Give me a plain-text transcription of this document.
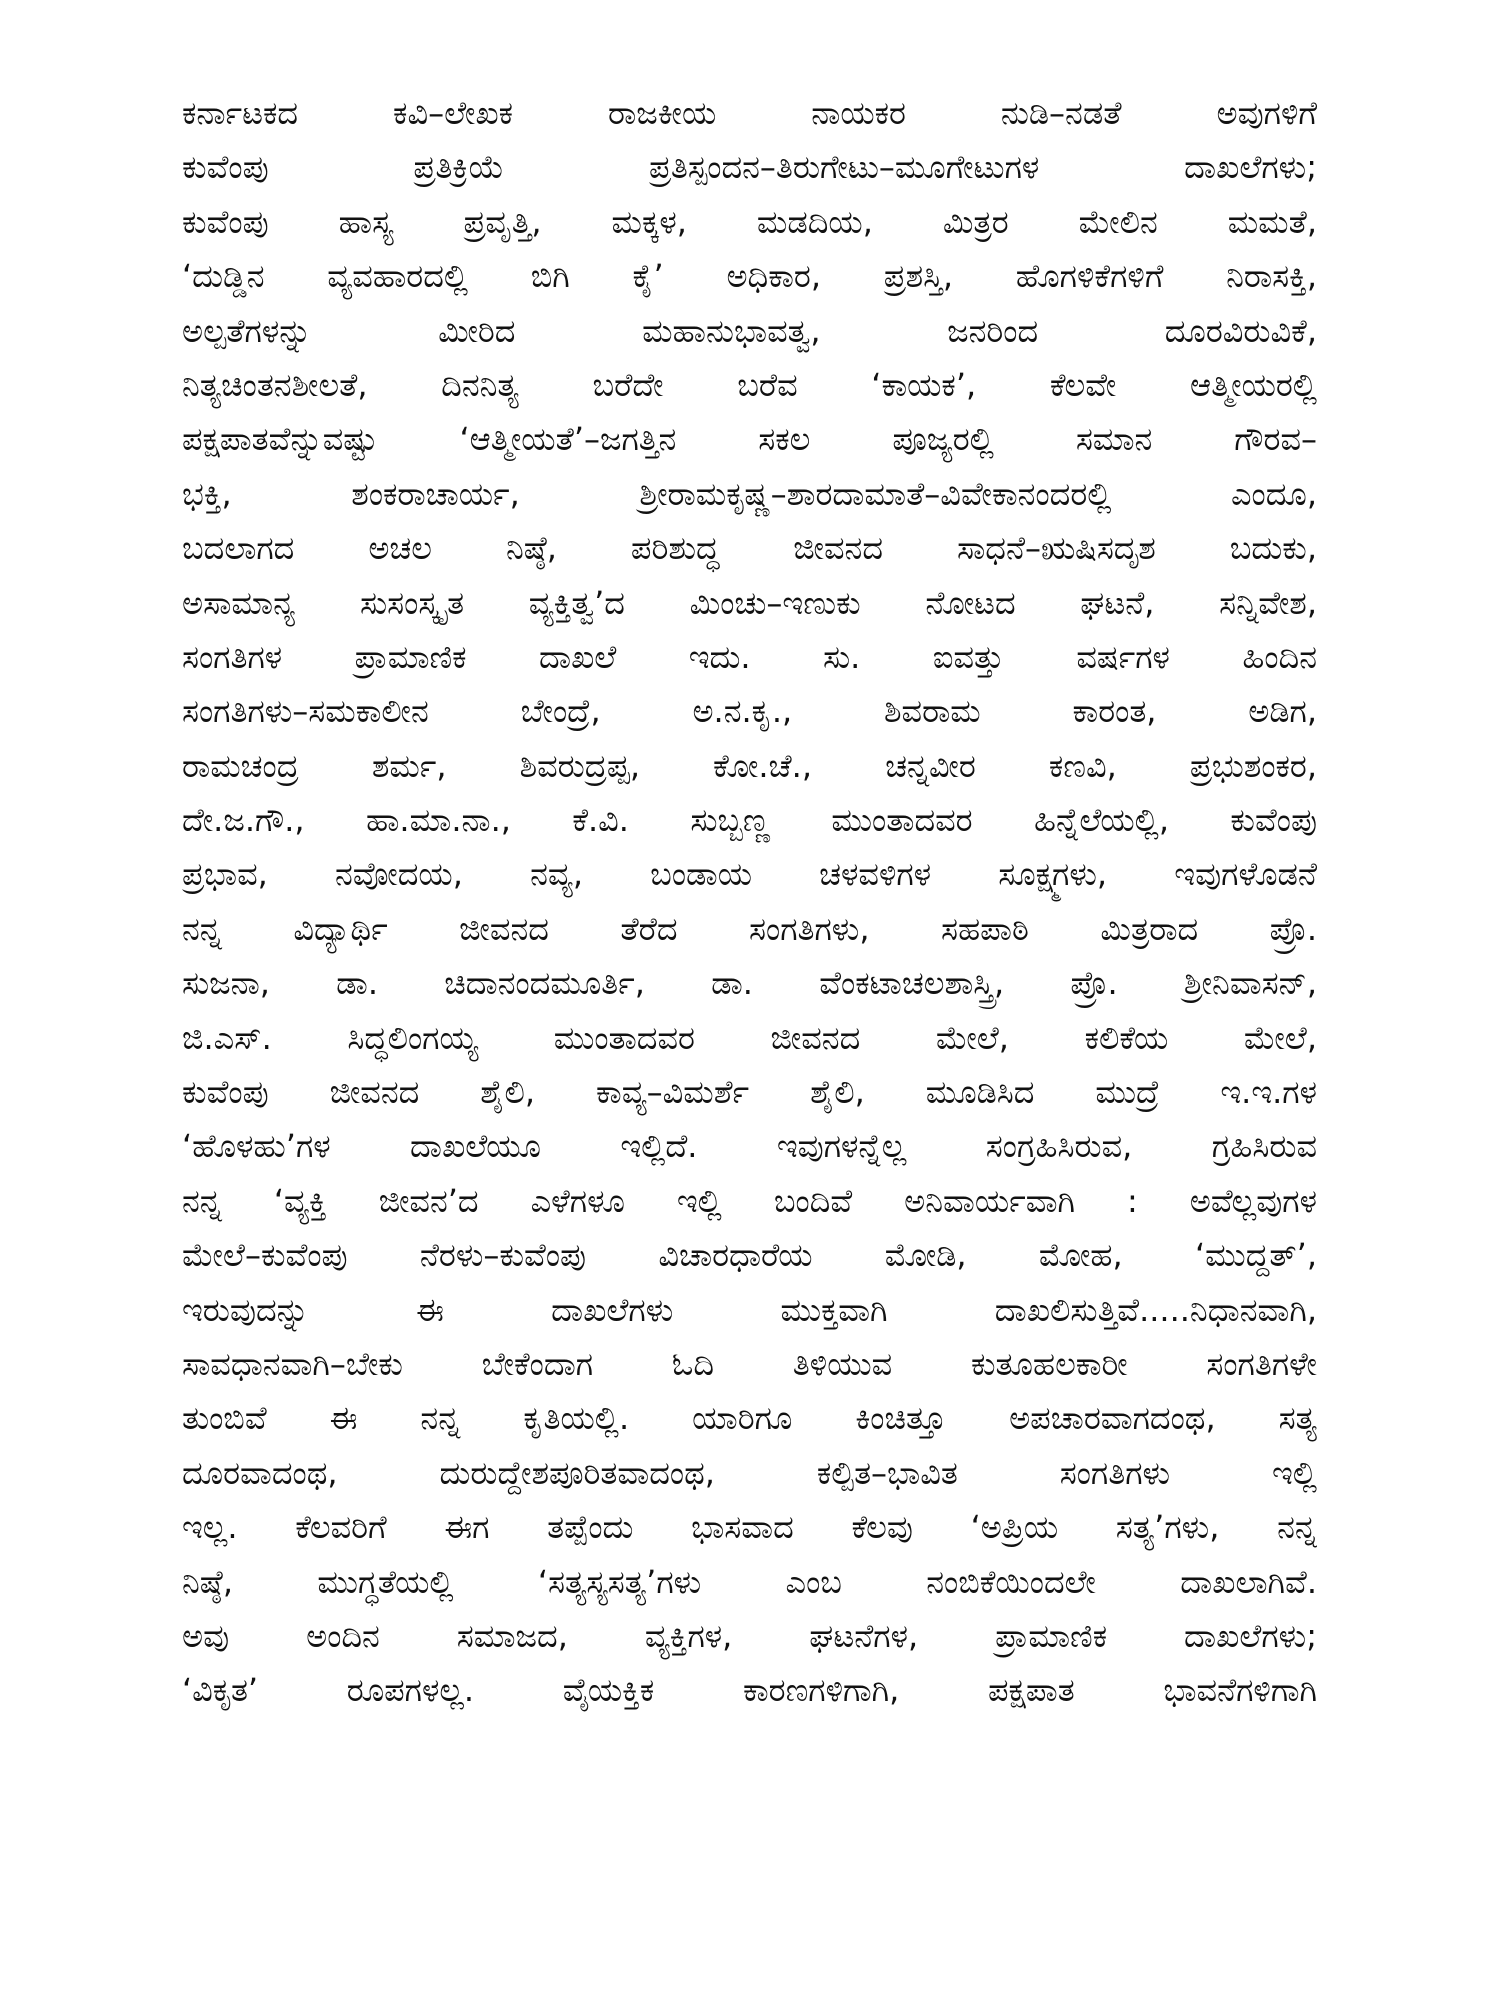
ಕರ್ನಾಟಕದ ಕವಿ–ಲೇಖಕ ರಾಜಕೀಯ ನಾಯಕರ ನುಡಿ–ನಡತೆ ಅವುಗಳಿಗೆ
ಕುವೆಂಪು ಪ್ರತಿಕ್ರಿಯೆ ಪ್ರತಿಸ್ಪಂದನ–ತಿರುಗೇಟು–ಮೂಗೇಟುಗಳ ದಾಖಲೆಗಳು;
ಕುವೆಂಪು ಹಾಸ್ಯ ಪ್ರವೃತ್ತಿ, ಮಕ್ಕಳ, ಮಡದಿಯ, ಮಿತ್ರರ ಮೇಲಿನ ಮಮತೆ,
‘ದುಡ್ಡಿನ ವ್ಯವಹಾರದಲ್ಲಿ ಬಿಗಿ ಕೈ’ ಅಧಿಕಾರ, ಪ್ರಶಸ್ತಿ, ಹೊಗಳಿಕೆಗಳಿಗೆ ನಿರಾಸಕ್ತಿ,
ಅಲ್ಪತೆಗಳನ್ನು ಮೀರಿದ ಮಹಾನುಭಾವತ್ವ, ಜನರಿಂದ ದೂರವಿರುವಿಕೆ,
ನಿತ್ಯಚಿಂತನಶೀಲತೆ, ದಿನನಿತ್ಯ ಬರೆದೇ ಬರೆವ ‘ಕಾಯಕ’, ಕೆಲವೇ ಆತ್ಮೀಯರಲ್ಲಿ
ಪಕ್ಷಪಾತವೆನ್ನುವಷ್ಟು ‘ಆತ್ಮೀಯತೆ’–ಜಗತ್ತಿನ ಸಕಲ ಪೂಜ್ಯರಲ್ಲಿ ಸಮಾನ ಗೌರವ–
ಭಕ್ತಿ, ಶಂಕರಾಚಾರ್ಯ, ಶ್ರೀರಾಮಕೃಷ್ಣ–ಶಾರದಾಮಾತೆ–ವಿವೇಕಾನಂದರಲ್ಲಿ ಎಂದೂ,
ಬದಲಾಗದ ಅಚಲ ನಿಷ್ಠೆ, ಪರಿಶುದ್ಧ ಜೀವನದ ಸಾಧನೆ–ಋಷಿಸದೃಶ ಬದುಕು,
ಅಸಾಮಾನ್ಯ ಸುಸಂಸ್ಕೃತ ವ್ಯಕ್ತಿತ್ವ’ದ ಮಿಂಚು–ಇಣುಕು ನೋಟದ ಘಟನೆ, ಸನ್ನಿವೇಶ,
ಸಂಗತಿಗಳ ಪ್ರಾಮಾಣಿಕ ದಾಖಲೆ ಇದು. ಸು. ಐವತ್ತು ವರ್ಷಗಳ ಹಿಂದಿನ
ಸಂಗತಿಗಳು–ಸಮಕಾಲೀನ ಬೇಂದ್ರೆ, ಅ.ನ.ಕೃ., ಶಿವರಾಮ ಕಾರಂತ, ಅಡಿಗ,
ರಾಮಚಂದ್ರ ಶರ್ಮ, ಶಿವರುದ್ರಪ್ಪ, ಕೋ.ಚೆ., ಚನ್ನವೀರ ಕಣವಿ, ಪ್ರಭುಶಂಕರ,
ದೇ.ಜ.ಗೌ., ಹಾ.ಮಾ.ನಾ., ಕೆ.ವಿ. ಸುಬ್ಬಣ್ಣ ಮುಂತಾದವರ ಹಿನ್ನೆಲೆಯಲ್ಲಿ, ಕುವೆಂಪು
ಪ್ರಭಾವ, ನವೋದಯ, ನವ್ಯ, ಬಂಡಾಯ ಚಳವಳಿಗಳ ಸೂಕ್ಷ್ಮಗಳು, ಇವುಗಳೊಡನೆ
ನನ್ನ ವಿದ್ಯಾರ್ಥಿ ಜೀವನದ ತೆರೆದ ಸಂಗತಿಗಳು, ಸಹಪಾಠಿ ಮಿತ್ರರಾದ ಪ್ರೊ.
ಸುಜನಾ, ಡಾ. ಚಿದಾನಂದಮೂರ್ತಿ, ಡಾ. ವೆಂಕಟಾಚಲಶಾಸ್ತ್ರಿ, ಪ್ರೊ. ಶ್ರೀನಿವಾಸನ್,
ಜಿ.ಎಸ್. ಸಿದ್ಧಲಿಂಗಯ್ಯ ಮುಂತಾದವರ ಜೀವನದ ಮೇಲೆ, ಕಲಿಕೆಯ ಮೇಲೆ,
ಕುವೆಂಪು ಜೀವನದ ಶೈಲಿ, ಕಾವ್ಯ–ವಿಮರ್ಶೆ ಶೈಲಿ, ಮೂಡಿಸಿದ ಮುದ್ರೆ ಇ.ಇ.ಗಳ
‘ಹೊಳಹು’ಗಳ ದಾಖಲೆಯೂ ಇಲ್ಲಿದೆ. ಇವುಗಳನ್ನೆಲ್ಲ ಸಂಗ್ರಹಿಸಿರುವ, ಗ್ರಹಿಸಿರುವ
ನನ್ನ ‘ವ್ಯಕ್ತಿ ಜೀವನ’ದ ಎಳೆಗಳೂ ಇಲ್ಲಿ ಬಂದಿವೆ ಅನಿವಾರ್ಯವಾಗಿ : ಅವೆಲ್ಲವುಗಳ
ಮೇಲೆ–ಕುವೆಂಪು ನೆರಳು–ಕುವೆಂಪು ವಿಚಾರಧಾರೆಯ ಮೋಡಿ, ಮೋಹ, ‘ಮುದ್ದತ್’,
ಇರುವುದನ್ನು ಈ ದಾಖಲೆಗಳು ಮುಕ್ತವಾಗಿ ದಾಖಲಿಸುತ್ತಿವೆ.....ನಿಧಾನವಾಗಿ,
ಸಾವಧಾನವಾಗಿ–ಬೇಕು ಬೇಕೆಂದಾಗ ಓದಿ ತಿಳಿಯುವ ಕುತೂಹಲಕಾರೀ ಸಂಗತಿಗಳೇ
ತುಂಬಿವೆ ಈ ನನ್ನ ಕೃತಿಯಲ್ಲಿ. ಯಾರಿಗೂ ಕಿಂಚಿತ್ತೂ ಅಪಚಾರವಾಗದಂಥ, ಸತ್ಯ
ದೂರವಾದಂಥ, ದುರುದ್ದೇಶಪೂರಿತವಾದಂಥ, ಕಲ್ಪಿತ–ಭಾವಿತ ಸಂಗತಿಗಳು ಇಲ್ಲಿ
ಇಲ್ಲ. ಕೆಲವರಿಗೆ ಈಗ ತಪ್ಪೆಂದು ಭಾಸವಾದ ಕೆಲವು ‘ಅಪ್ರಿಯ ಸತ್ಯ’ಗಳು, ನನ್ನ
ನಿಷ್ಠೆ, ಮುಗ್ಧತೆಯಲ್ಲಿ ‘ಸತ್ಯಸ್ಯಸತ್ಯ’ಗಳು ಎಂಬ ನಂಬಿಕೆಯಿಂದಲೇ ದಾಖಲಾಗಿವೆ.
ಅವು ಅಂದಿನ ಸಮಾಜದ, ವ್ಯಕ್ತಿಗಳ, ಘಟನೆಗಳ, ಪ್ರಾಮಾಣಿಕ ದಾಖಲೆಗಳು;
‘ವಿಕೃತ’ ರೂಪಗಳಲ್ಲ. ವೈಯಕ್ತಿಕ ಕಾರಣಗಳಿಗಾಗಿ, ಪಕ್ಷಪಾತ ಭಾವನೆಗಳಿಗಾಗಿ
